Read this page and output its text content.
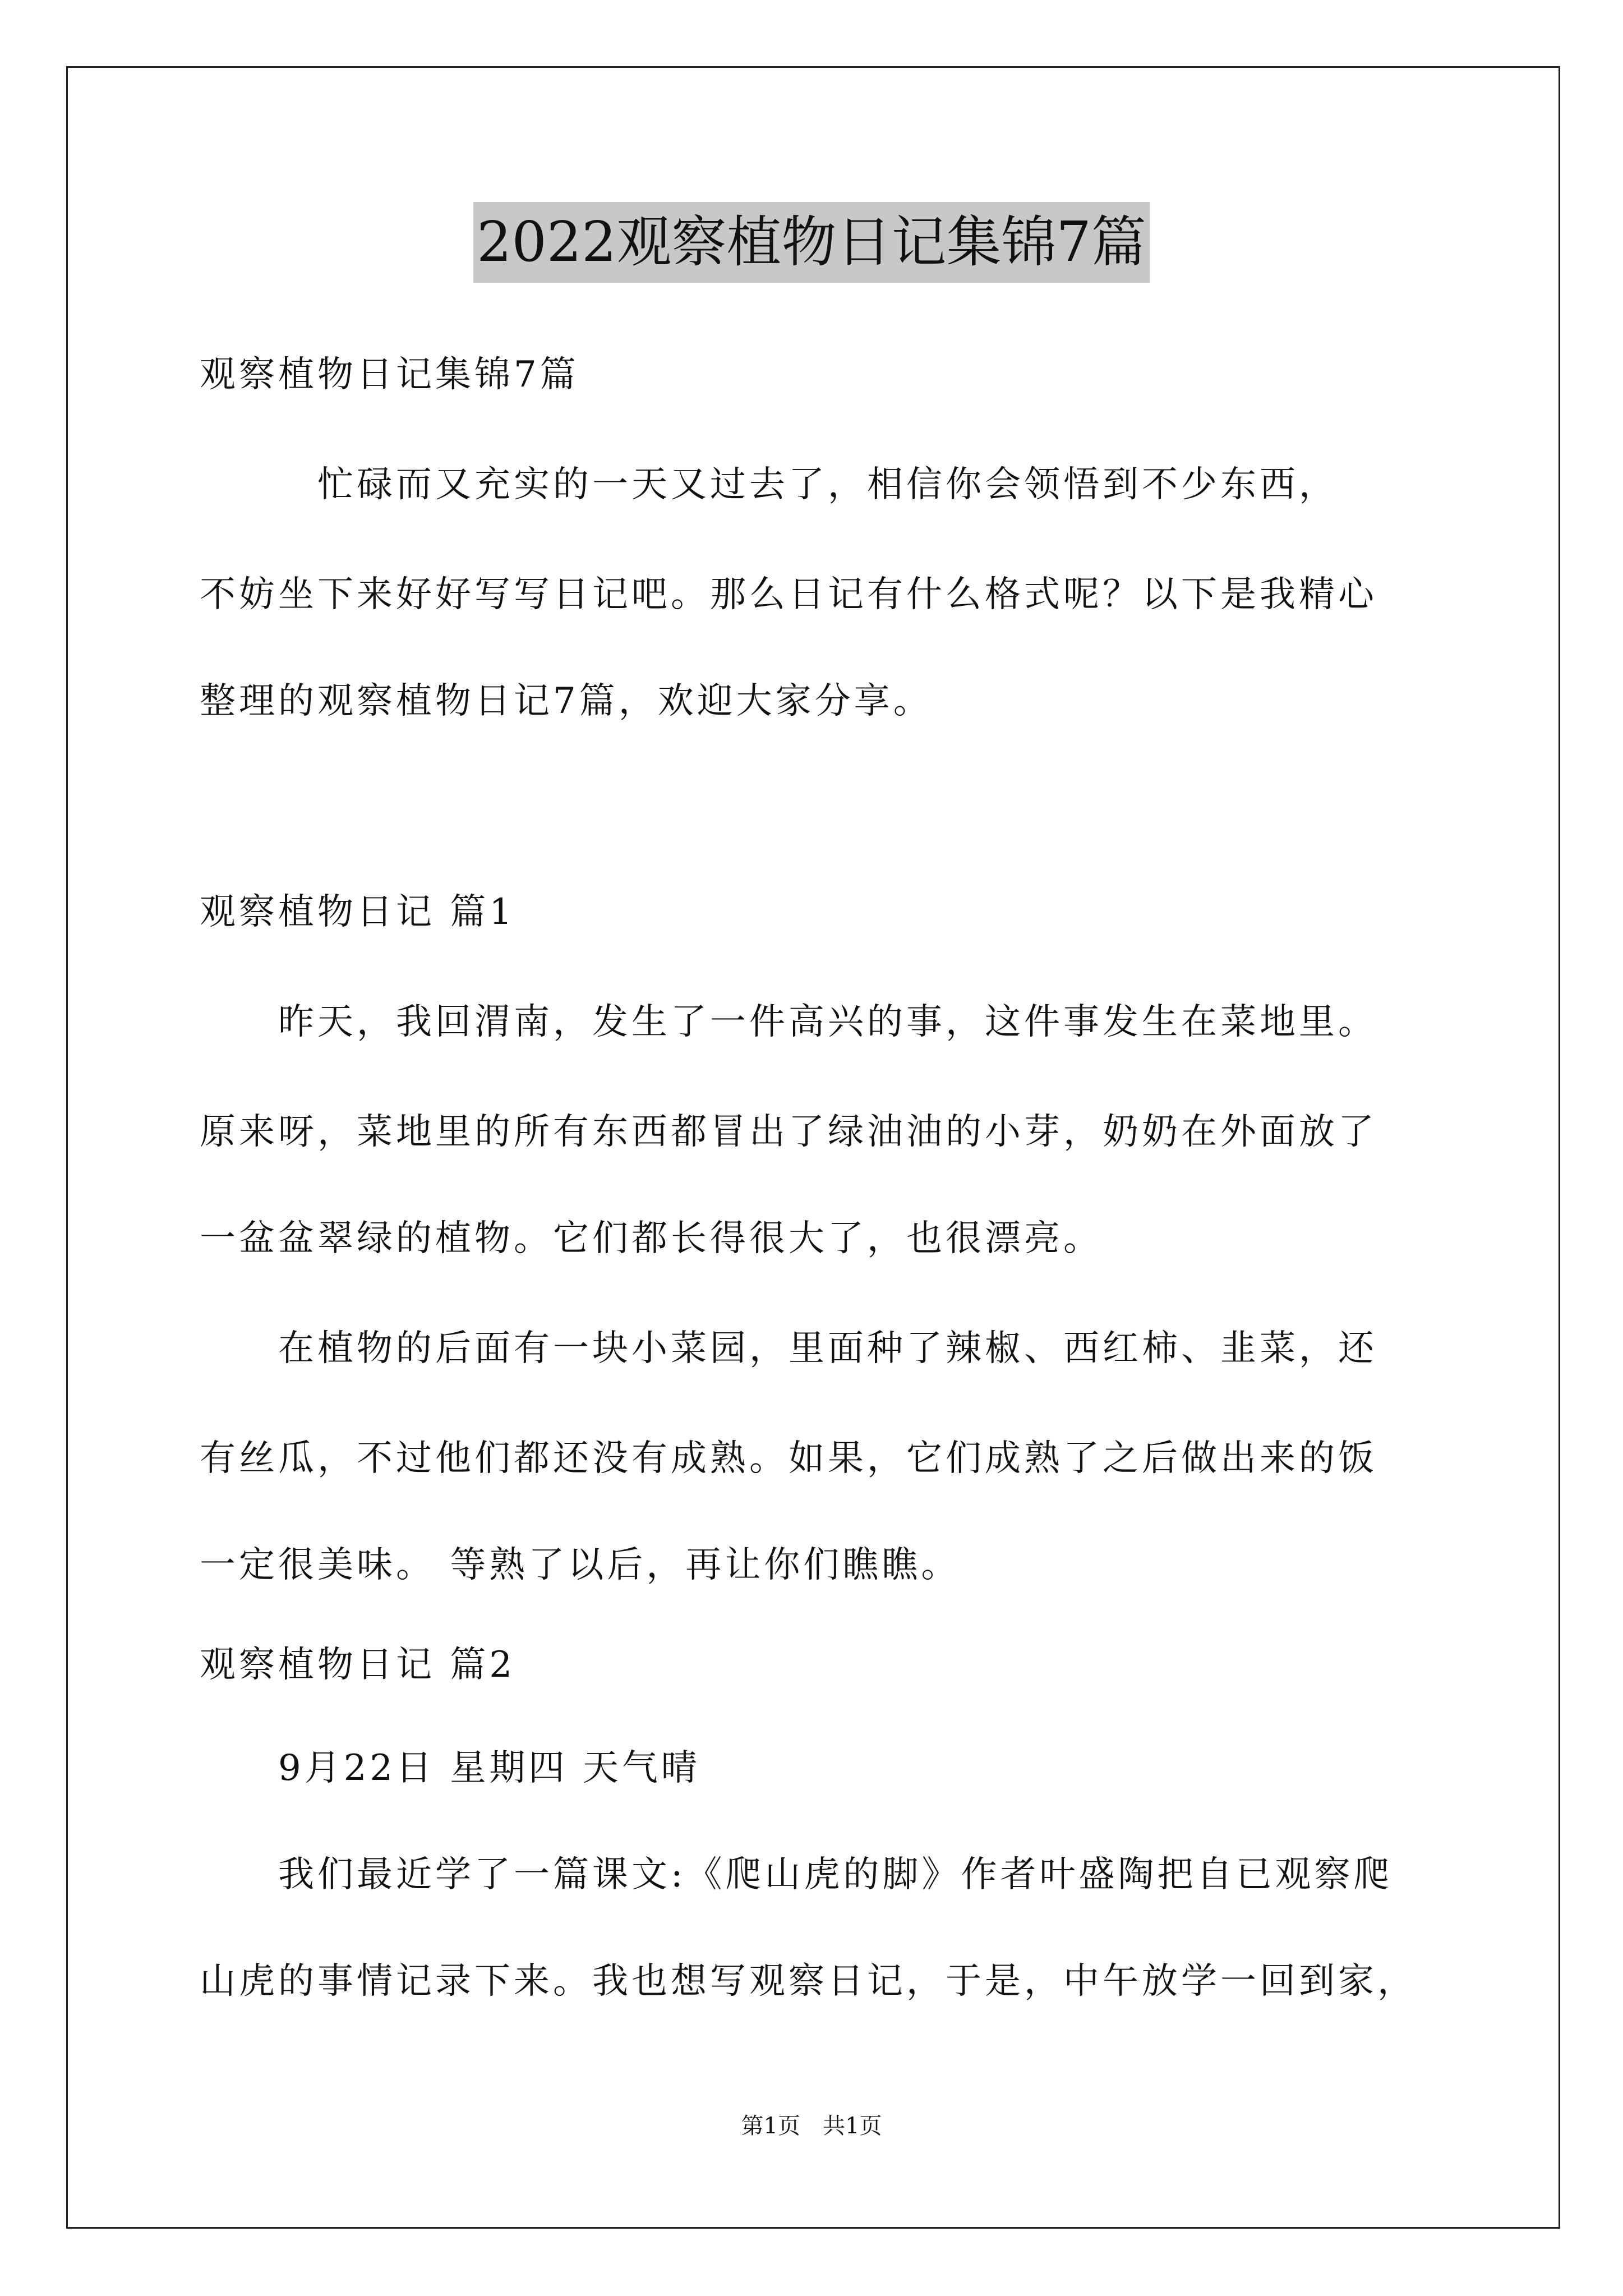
2022观察植物日记集锦7篇
观察植物日记集锦7篇
　　　忙碌而又充实的一天又过去了，相信你会领悟到不少东西，
不妨坐下来好好写写日记吧。那么日记有什么格式呢？以下是我精心
整理的观察植物日记7篇，欢迎大家分享。
观察植物日记 篇1
　　昨天，我回渭南，发生了一件高兴的事，这件事发生在菜地里。
原来呀，菜地里的所有东西都冒出了绿油油的小芽，奶奶在外面放了
一盆盆翠绿的植物。它们都长得很大了，也很漂亮。
　　在植物的后面有一块小菜园，里面种了辣椒、西红柿、韭菜，还
有丝瓜，不过他们都还没有成熟。如果，它们成熟了之后做出来的饭
一定很美味。 等熟了以后，再让你们瞧瞧。
观察植物日记 篇2
　　9月22日 星期四 天气晴
　　我们最近学了一篇课文:《爬山虎的脚》作者叶盛陶把自已观察爬
山虎的事情记录下来。我也想写观察日记，于是，中午放学一回到家，
第1页　共1页
